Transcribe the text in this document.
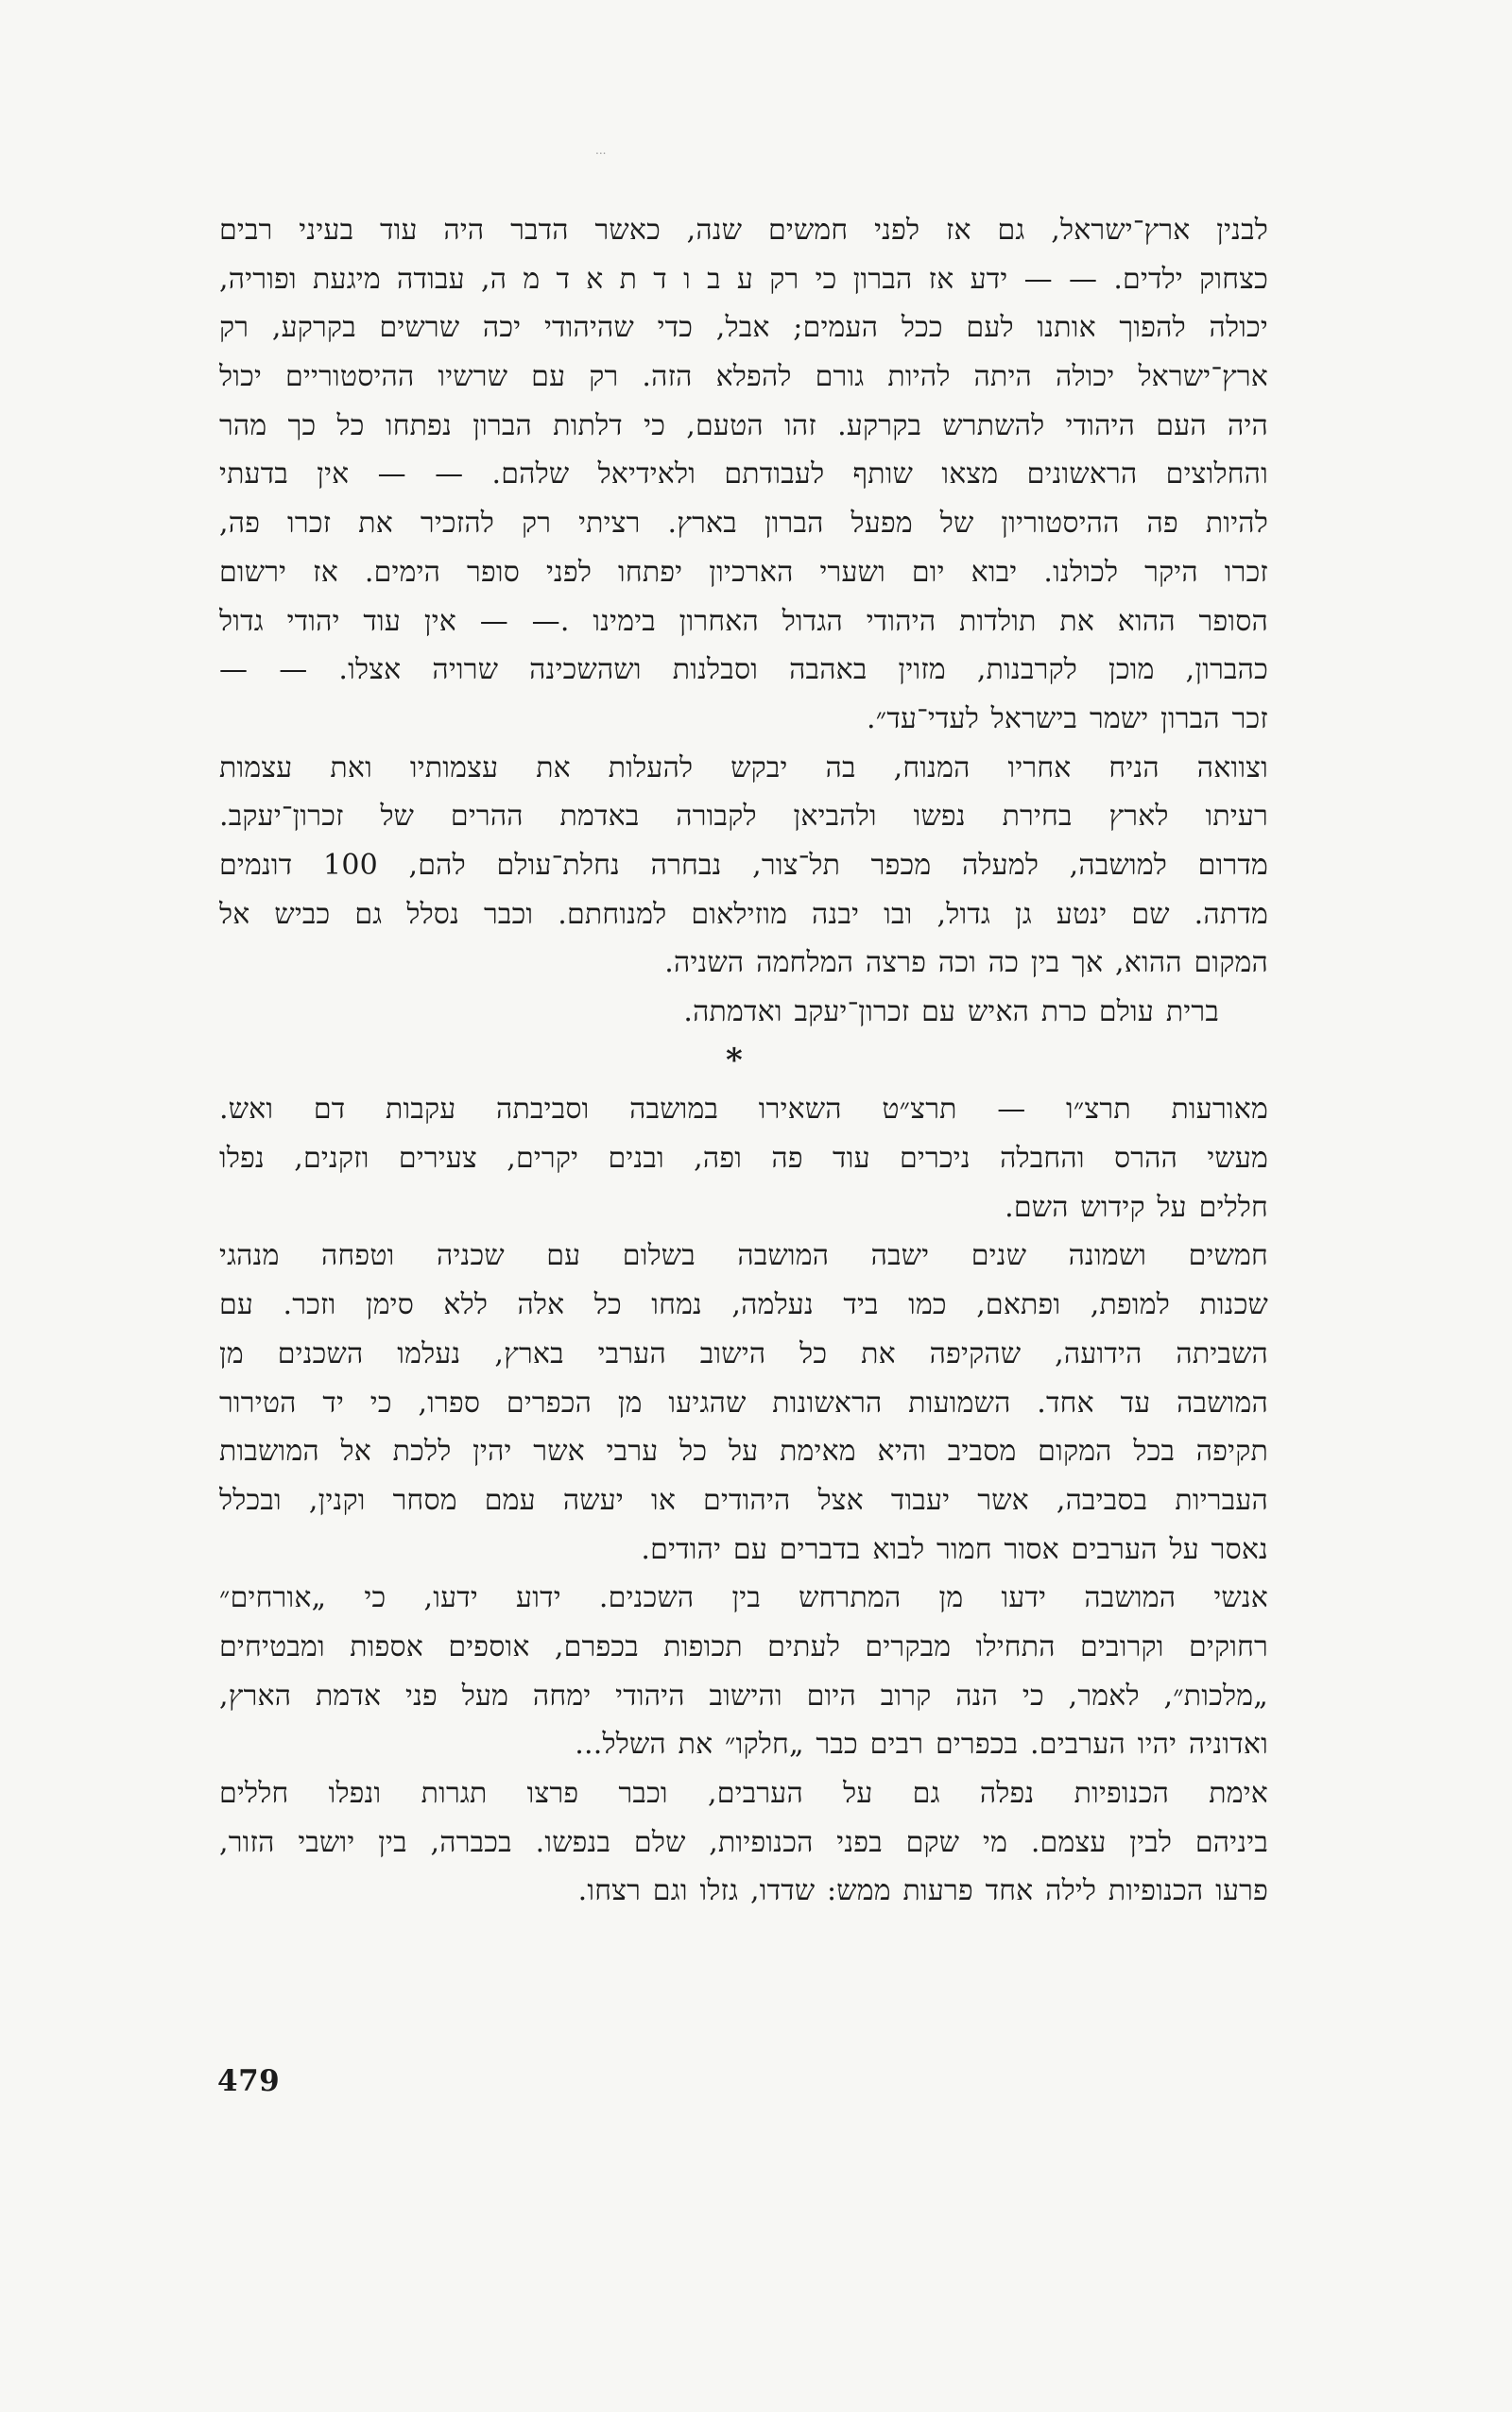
...
לבנין ארץ־ישראל, גם אז לפני חמשים שנה, כאשר הדבר היה עוד בעיני רבים
כצחוק ילדים. — — ידע אז הברון כי רק ע ב ו ד ת א ד מ ה, עבודה מיגעת ופוריה,
יכולה להפוך אותנו לעם ככל העמים; אבל, כדי שהיהודי יכה שרשים בקרקע, רק
ארץ־ישראל יכולה היתה להיות גורם להפלא הזה. רק עם שרשיו ההיסטוריים יכול
היה העם היהודי להשתרש בקרקע. זהו הטעם, כי דלתות הברון נפתחו כל כך מהר
והחלוצים הראשונים מצאו שותף לעבודתם ולאידיאל שלהם. — — אין בדעתי
להיות פה ההיסטוריון של מפעל הברון בארץ. רציתי רק להזכיר את זכרו פה,
זכרו היקר לכולנו. יבוא יום ושערי הארכיון יפתחו לפני סופר הימים. אז ירשום
הסופר ההוא את תולדות היהודי הגדול האחרון בימינו .— — אין עוד יהודי גדול
כהברון, מוכן לקרבנות, מזוין באהבה וסבלנות ושהשכינה שרויה אצלו. — —
זכר הברון ישמר בישראל לעדי־עד״.
וצוואה הניח אחריו המנוח, בה יבקש להעלות את עצמותיו ואת עצמות
רעיתו לארץ בחירת נפשו ולהביאן לקבורה באדמת ההרים של זכרון־יעקב.
מדרום למושבה, למעלה מכפר תל־צור, נבחרה נחלת־עולם להם, 100 דונמים
מדתה. שם ינטע גן גדול, ובו יבנה מוזילאום למנוחתם. וכבר נסלל גם כביש אל
המקום ההוא, אך בין כה וכה פרצה המלחמה השניה.
ברית עולם כרת האיש עם זכרון־יעקב ואדמתה.
*
מאורעות תרצ״ו — תרצ״ט השאירו במושבה וסביבתה עקבות דם ואש.
מעשי ההרס והחבלה ניכרים עוד פה ופה, ובנים יקרים, צעירים וזקנים, נפלו
חללים על קידוש השם.
חמשים ושמונה שנים ישבה המושבה בשלום עם שכניה וטפחה מנהגי
שכנות למופת, ופתאם, כמו ביד נעלמה, נמחו כל אלה ללא סימן וזכר. עם
השביתה הידועה, שהקיפה את כל הישוב הערבי בארץ, נעלמו השכנים מן
המושבה עד אחד. השמועות הראשונות שהגיעו מן הכפרים ספרו, כי יד הטירור
תקיפה בכל המקום מסביב והיא מאימת על כל ערבי אשר יהין ללכת אל המושבות
העבריות בסביבה, אשר יעבוד אצל היהודים או יעשה עמם מסחר וקנין, ובכלל
נאסר על הערבים אסור חמור לבוא בדברים עם יהודים.
אנשי המושבה ידעו מן המתרחש בין השכנים. ידוע ידעו, כי „אורחים״
רחוקים וקרובים התחילו מבקרים לעתים תכופות בכפרם, אוספים אספות ומבטיחים
„מלכות״, לאמר, כי הנה קרוב היום והישוב היהודי ימחה מעל פני אדמת הארץ,
ואדוניה יהיו הערבים. בכפרים רבים כבר „חלקו״ את השלל...
אימת הכנופיות נפלה גם על הערבים, וכבר פרצו תגרות ונפלו חללים
ביניהם לבין עצמם. מי שקם בפני הכנופיות, שלם בנפשו. בכברה, בין יושבי הזור,
פרעו הכנופיות לילה אחד פרעות ממש: שדדו, גזלו וגם רצחו.
479
